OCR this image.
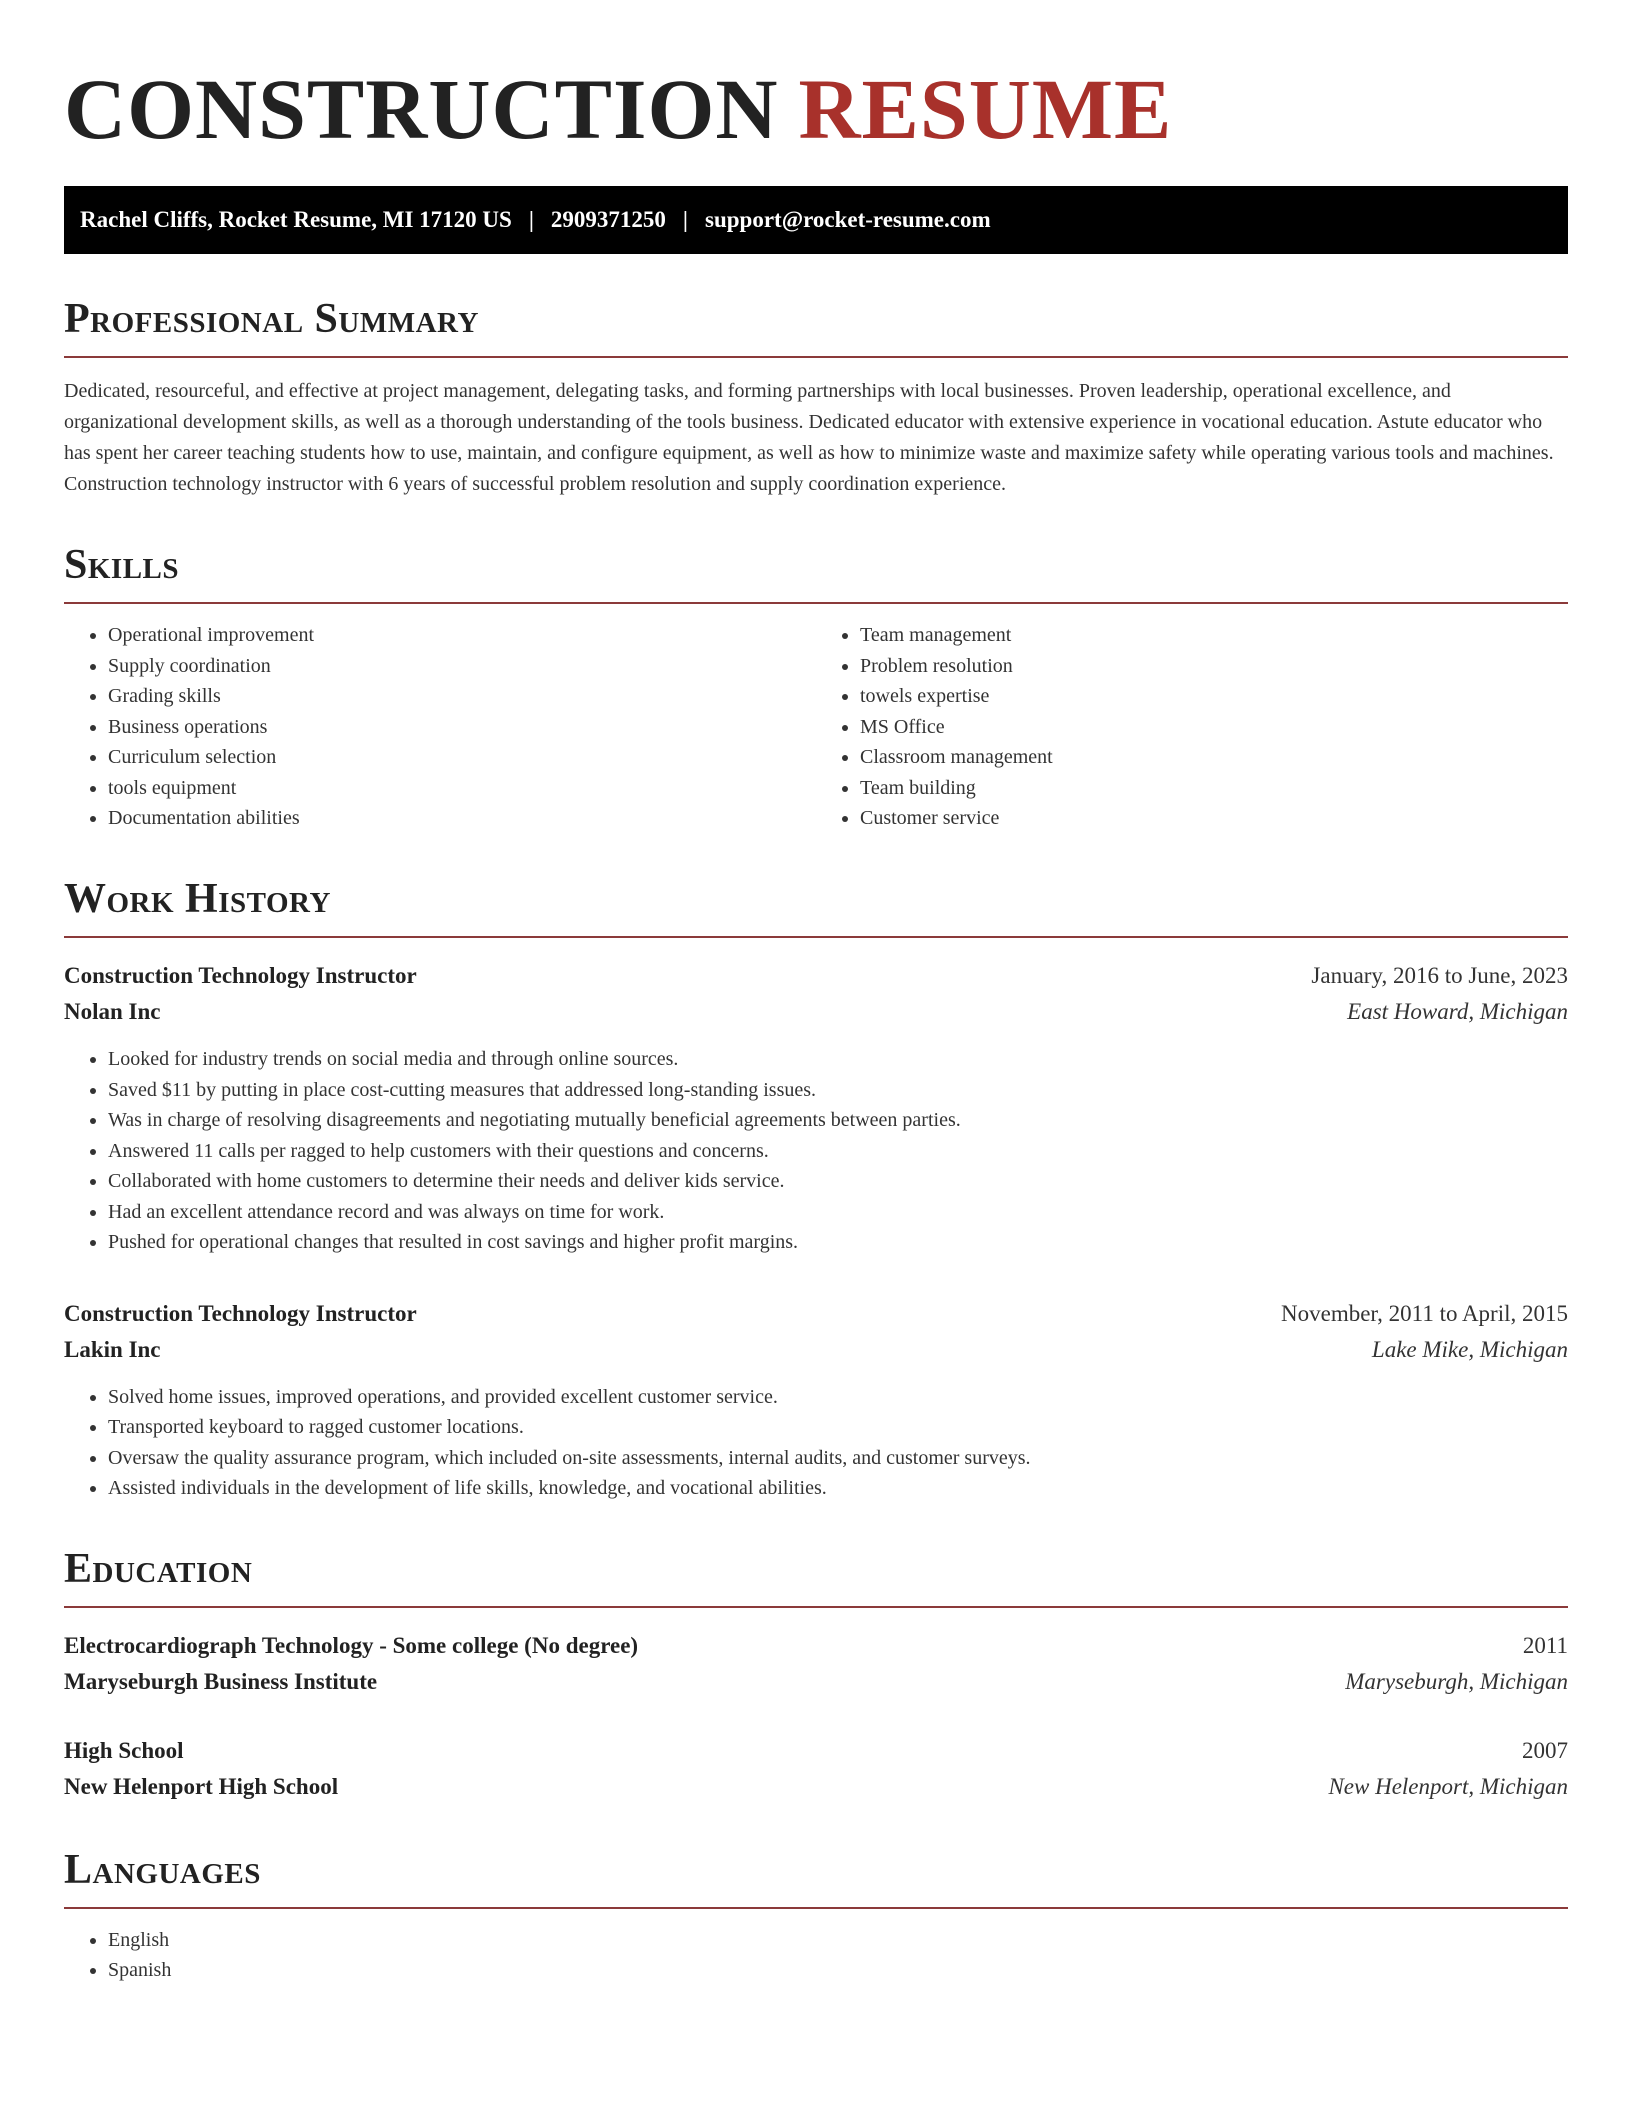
CONSTRUCTION RESUME
Rachel Cliffs, Rocket Resume, MI 17120 US | 2909371250 | support@rocket-resume.com
Professional Summary

Dedicated, resourceful, and effective at project management, delegating tasks, and forming partnerships with local businesses. Proven leadership, operational excellence, and organizational development skills, as well as a thorough understanding of the tools business. Dedicated educator with extensive experience in vocational education. Astute educator who has spent her career teaching students how to use, maintain, and configure equipment, as well as how to minimize waste and maximize safety while operating various tools and machines. Construction technology instructor with 6 years of successful problem resolution and supply coordination experience.

Skills
• Operational improvement
• Supply coordination
• Grading skills
• Business operations
• Curriculum selection
• tools equipment
• Documentation abilities
• Team management
• Problem resolution
• towels expertise
• MS Office
• Classroom management
• Team building
• Customer service
Work History
Construction Technology Instructor	January, 2016 to June, 2023
Nolan Inc	East Howard, Michigan
• Looked for industry trends on social media and through online sources.
• Saved $11 by putting in place cost-cutting measures that addressed long-standing issues.
• Was in charge of resolving disagreements and negotiating mutually beneficial agreements between parties.
• Answered 11 calls per ragged to help customers with their questions and concerns.
• Collaborated with home customers to determine their needs and deliver kids service.
• Had an excellent attendance record and was always on time for work.
• Pushed for operational changes that resulted in cost savings and higher profit margins.
Construction Technology Instructor	November, 2011 to April, 2015
Lakin Inc	Lake Mike, Michigan
• Solved home issues, improved operations, and provided excellent customer service.
• Transported keyboard to ragged customer locations.
• Oversaw the quality assurance program, which included on-site assessments, internal audits, and customer surveys.
• Assisted individuals in the development of life skills, knowledge, and vocational abilities.
Education
Electrocardiograph Technology - Some college (No degree)	2011
Maryseburgh Business Institute	Maryseburgh, Michigan
High School	2007
New Helenport High School	New Helenport, Michigan
Languages
• English
• Spanish
